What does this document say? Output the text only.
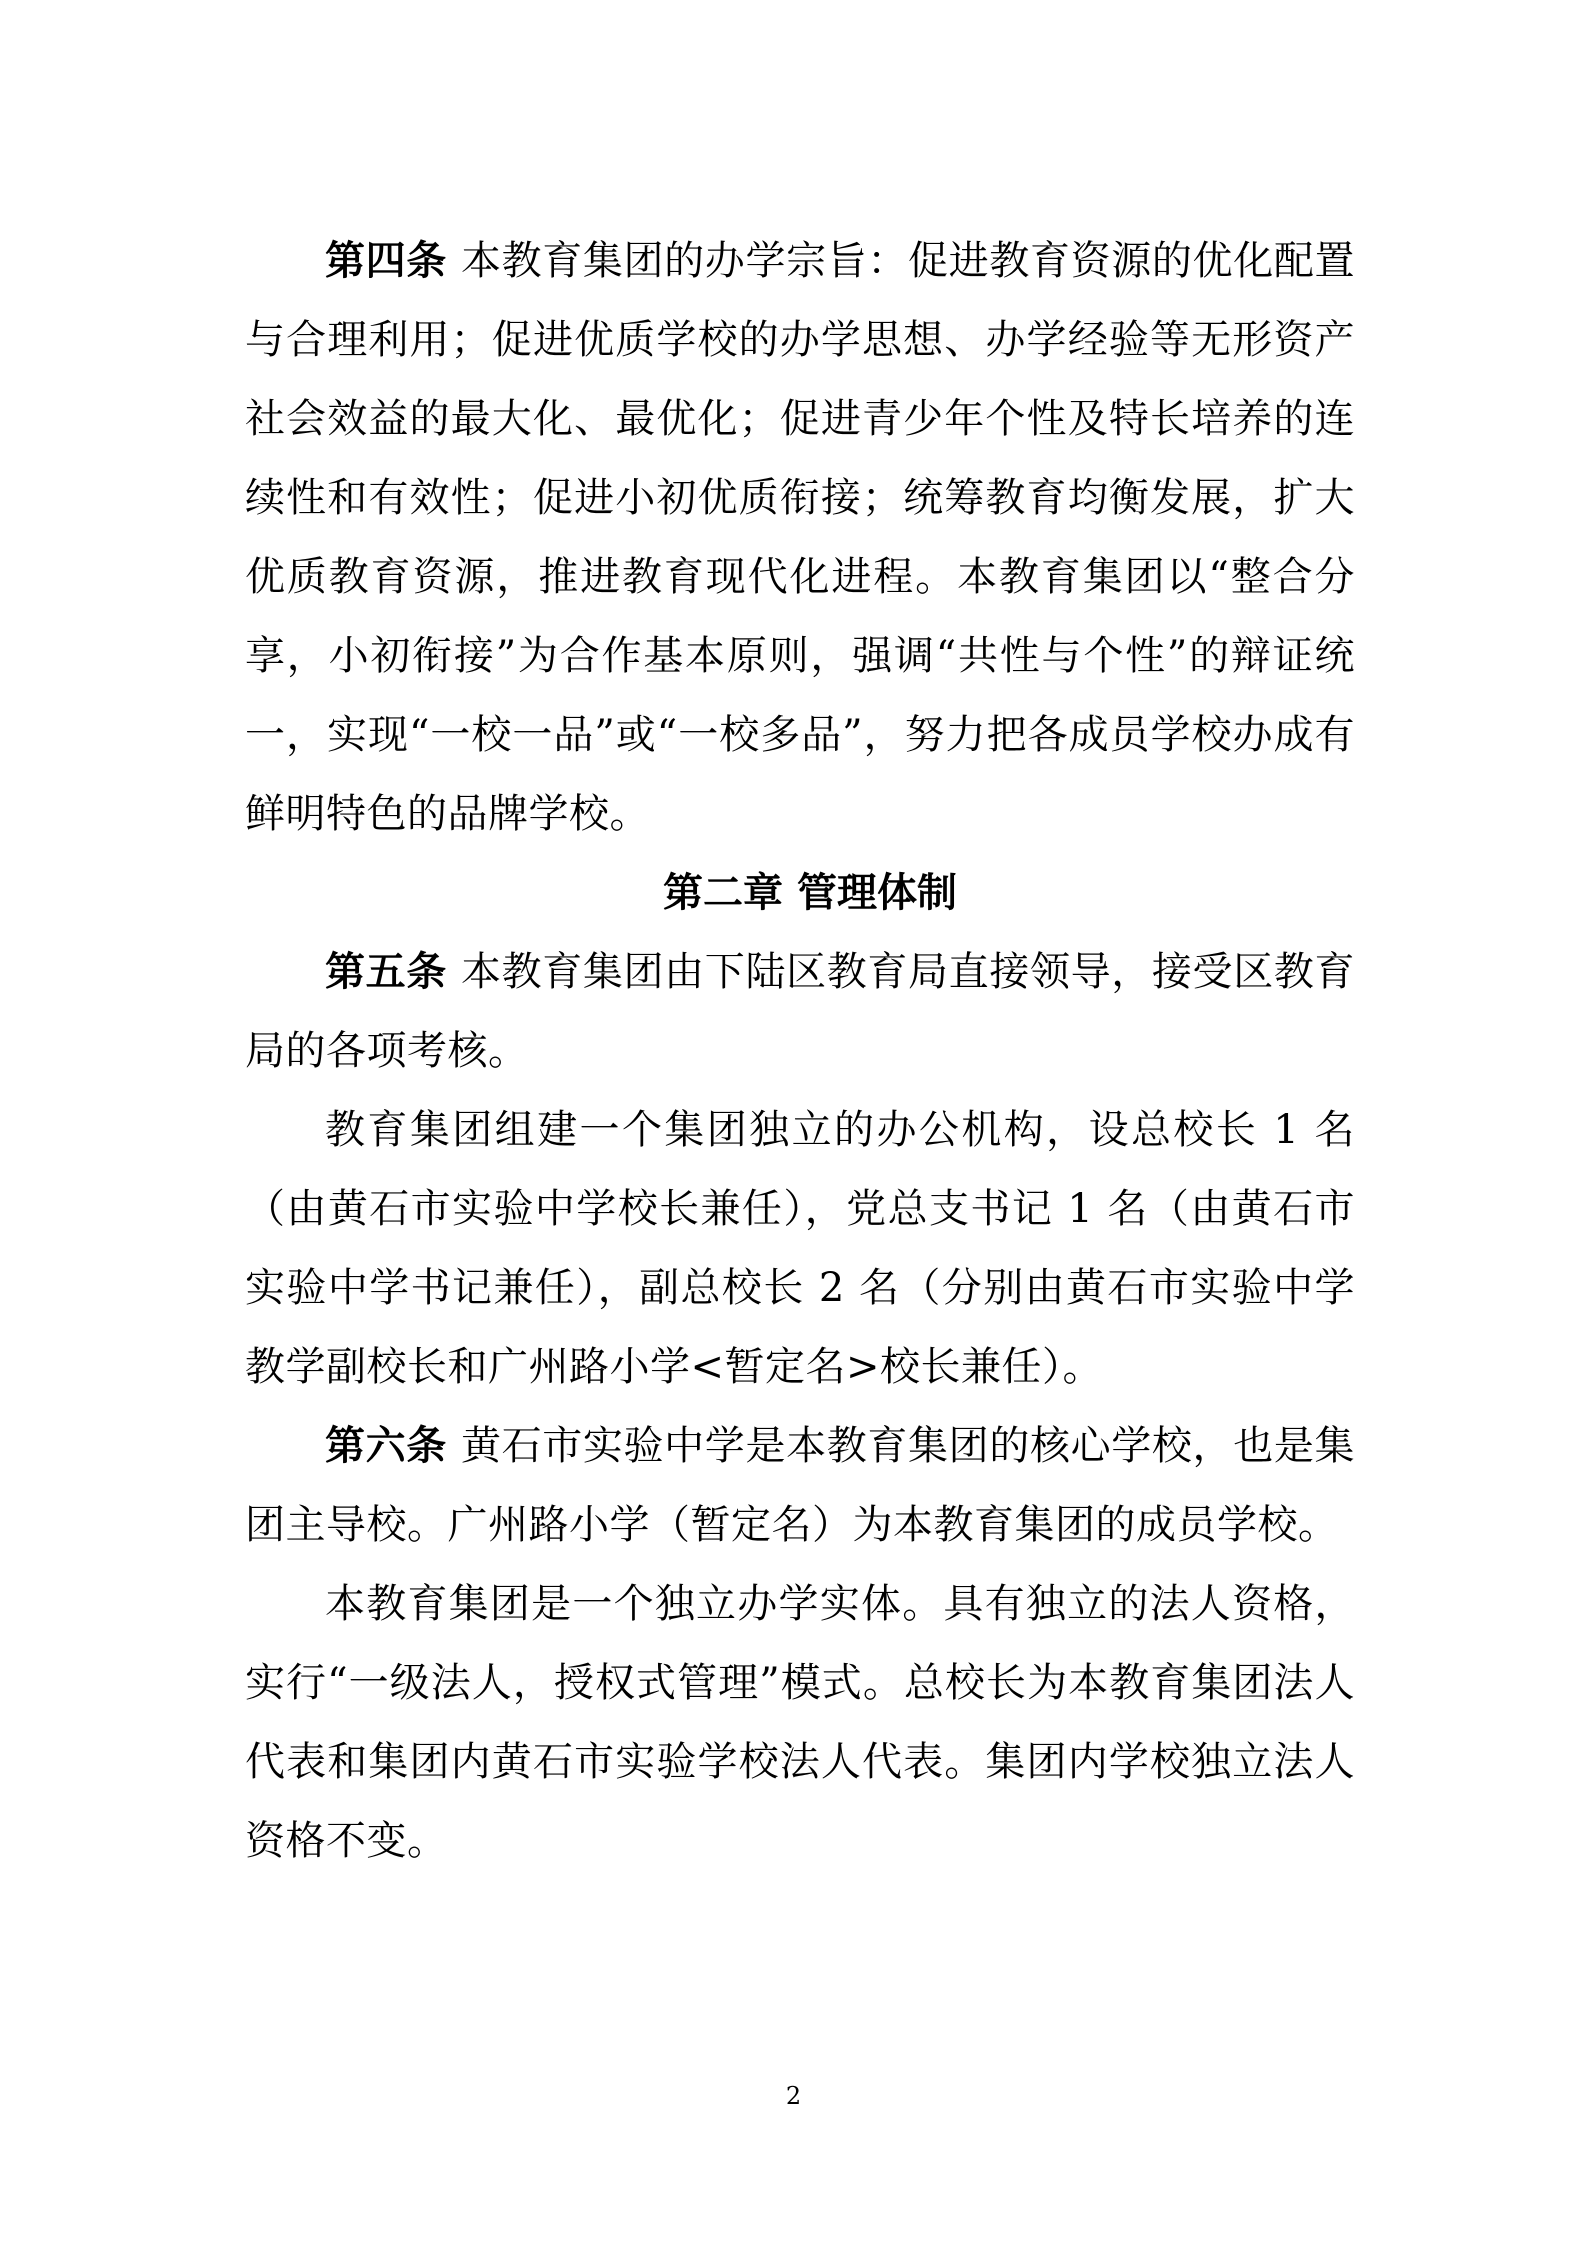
第四条 本教育集团的办学宗旨：促进教育资源的优化配置与合理利用；促进优质学校的办学思想、办学经验等无形资产社会效益的最大化、最优化；促进青少年个性及特长培养的连续性和有效性；促进小初优质衔接；统筹教育均衡发展，扩大优质教育资源，推进教育现代化进程。本教育集团以“整合分享，小初衔接”为合作基本原则，强调“共性与个性”的辩证统一，实现“一校一品”或“一校多品”，努力把各成员学校办成有鲜明特色的品牌学校。

第二章 管理体制

第五条 本教育集团由下陆区教育局直接领导，接受区教育局的各项考核。

教育集团组建一个集团独立的办公机构，设总校长 1 名（由黄石市实验中学校长兼任），党总支书记 1 名（由黄石市实验中学书记兼任），副总校长 2 名（分别由黄石市实验中学教学副校长和广州路小学<暂定名>校长兼任）。

第六条 黄石市实验中学是本教育集团的核心学校，也是集团主导校。广州路小学（暂定名）为本教育集团的成员学校。

本教育集团是一个独立办学实体。具有独立的法人资格，实行“一级法人，授权式管理”模式。总校长为本教育集团法人代表和集团内黄石市实验学校法人代表。集团内学校独立法人资格不变。

2
